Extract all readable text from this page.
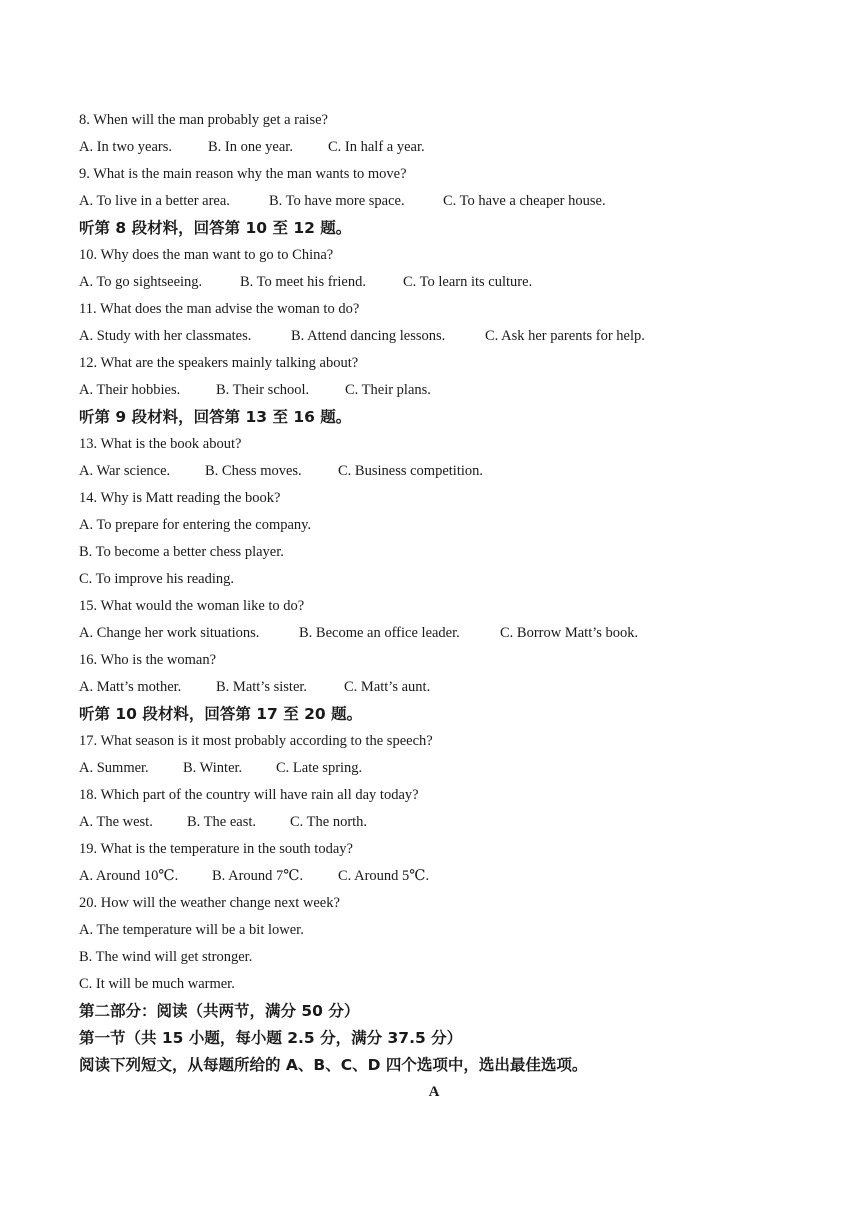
8. When will the man probably get a raise?
A. In two years. B. In one year. C. In half a year.
9. What is the main reason why the man wants to move?
A. To live in a better area.	B. To have more space.	C. To have a cheaper house.
听第 8 段材料，回答第 10 至 12 题。
10. Why does the man want to go to China?
A. To go sightseeing.	B. To meet his friend.	C. To learn its culture.
11. What does the man advise the woman to do?
A. Study with her classmates.	B. Attend dancing lessons.	C. Ask her parents for help.
12. What are the speakers mainly talking about?
A. Their hobbies. B. Their school. C. Their plans.
听第 9 段材料，回答第 13 至 16 题。
13. What is the book about?
A. War science. B. Chess moves.	C. Business competition.
14. Why is Matt reading the book?
A. To prepare for entering the company.
B. To become a better chess player.
C. To improve his reading.
15. What would the woman like to do?
A. Change her work situations.	B. Become an office leader.	C. Borrow Matt’s book.
16. Who is the woman?
A. Matt’s mother. B. Matt’s sister.	C. Matt’s aunt.
听第 10 段材料，回答第 17 至 20 题。
17. What season is it most probably according to the speech?
A. Summer. B. Winter. C. Late spring.
18. Which part of the country will have rain all day today?
A. The west. B. The east. C. The north.
19. What is the temperature in the south today?
A. Around 10℃. B. Around 7℃. C. Around 5℃.
20. How will the weather change next week?
A. The temperature will be a bit lower.
B. The wind will get stronger.
C. It will be much warmer.
第二部分：阅读（共两节，满分 50 分）
第一节（共 15 小题，每小题 2.5 分，满分 37.5 分）
阅读下列短文，从每题所给的 A、B、C、D 四个选项中，选出最佳选项。
A
